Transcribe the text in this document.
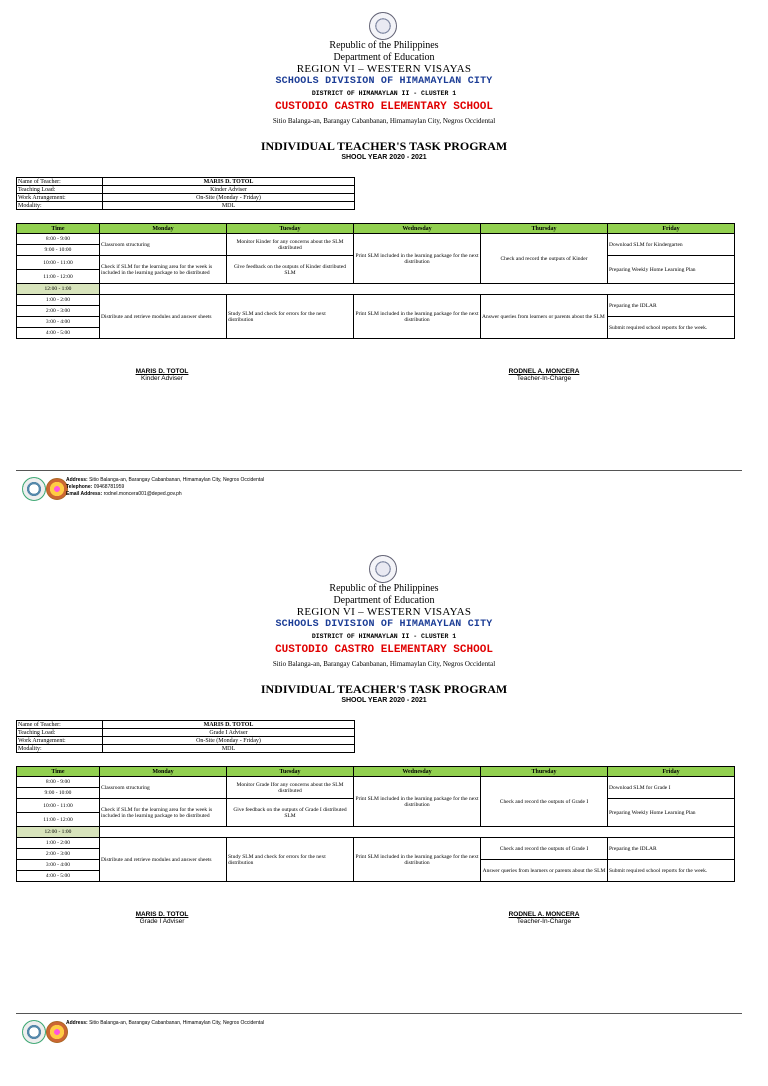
Republic of the Philippines
Department of Education
REGION VI – WESTERN VISAYAS
SCHOOLS DIVISION OF HIMAMAYLAN CITY
DISTRICT OF HIMAMAYLAN II - CLUSTER 1
CUSTODIO CASTRO ELEMENTARY SCHOOL
Sitio Balanga-an, Barangay Cabanbanan, Himamaylan City, Negros Occidental
INDIVIDUAL TEACHER'S TASK PROGRAM
SHOOL YEAR 2020 - 2021
Name of Teacher:	MARIS D. TOTOL
Teaching Load:	Kinder Adviser
Work Arrangement:	On-Site (Monday - Friday)
Modality:	MDL
Time	Monday	Tuesday	Wednesday	Thursday	Friday
8:00 - 9:00	Classroom structuring	Monitor Kinder for any concerns about the SLM distributed	Print SLM included in the learning package for the next distribution	Check and record the outputs of Kinder	Download SLM for Kindergarten
9:00 - 10:00					
10:00 - 11:00	Check if SLM for the learning area for the week is included in the learning package to be distributed	Give feedback on the outputs of Kinder distributed SLM			Preparing Weekly Home Learning Plan
11:00 - 12:00					
12:00 - 1:00					
1:00 - 2:00	Distribute and retrieve modules and answer sheets	Study SLM and check for errors for the next distribution	Print SLM included in the learning package for the next distribution	Answer queries from learners or parents about the SLM	Preparing the IDLAR
2:00 - 3:00					
3:00 - 4:00					Submit required school reports for the week.
4:00 - 5:00					
MARIS D. TOTOL
Kinder Adviser
RODNEL A. MONCERA
Teacher-In-Charge
Address: Sitio Balanga-an, Barangay Cabanbanan, Himamaylan City, Negros Occidental
Telephone: 09468781959
Email Address: rodnel.moncera001@deped.gov.ph
Republic of the Philippines
Department of Education
REGION VI – WESTERN VISAYAS
SCHOOLS DIVISION OF HIMAMAYLAN CITY
DISTRICT OF HIMAMAYLAN II - CLUSTER 1
CUSTODIO CASTRO ELEMENTARY SCHOOL
Sitio Balanga-an, Barangay Cabanbanan, Himamaylan City, Negros Occidental
INDIVIDUAL TEACHER'S TASK PROGRAM
SHOOL YEAR 2020 - 2021
Name of Teacher:	MARIS D. TOTOL
Teaching Load:	Grade I Adviser
Work Arrangement:	On-Site (Monday - Friday)
Modality:	MDL
Time	Monday	Tuesday	Wednesday	Thursday	Friday
8:00 - 9:00	Classroom structuring	Monitor Grade Ifor any concerns about the SLM distributed	Print SLM included in the learning package for the next distribution	Check and record the outputs of Grade I	Download SLM for Grade I
9:00 - 10:00					
10:00 - 11:00	Check if SLM for the learning area for the week is included in the learning package to be distributed	Give feedback on the outputs of Grade I distributed SLM			Preparing Weekly Home Learning Plan
11:00 - 12:00					
12:00 - 1:00					
1:00 - 2:00	Distribute and retrieve modules and answer sheets	Study SLM and check for errors for the next distribution	Print SLM included in the learning package for the next distribution	Check and record the outputs of Grade I	Preparing the IDLAR
2:00 - 3:00					
3:00 - 4:00				Answer queries from learners or parents about the SLM	Submit required school reports for the week.
4:00 - 5:00					
MARIS D. TOTOL
Grade I Adviser
RODNEL A. MONCERA
Teacher-In-Charge
Address: Sitio Balanga-an, Barangay Cabanbanan, Himamaylan City, Negros Occidental
